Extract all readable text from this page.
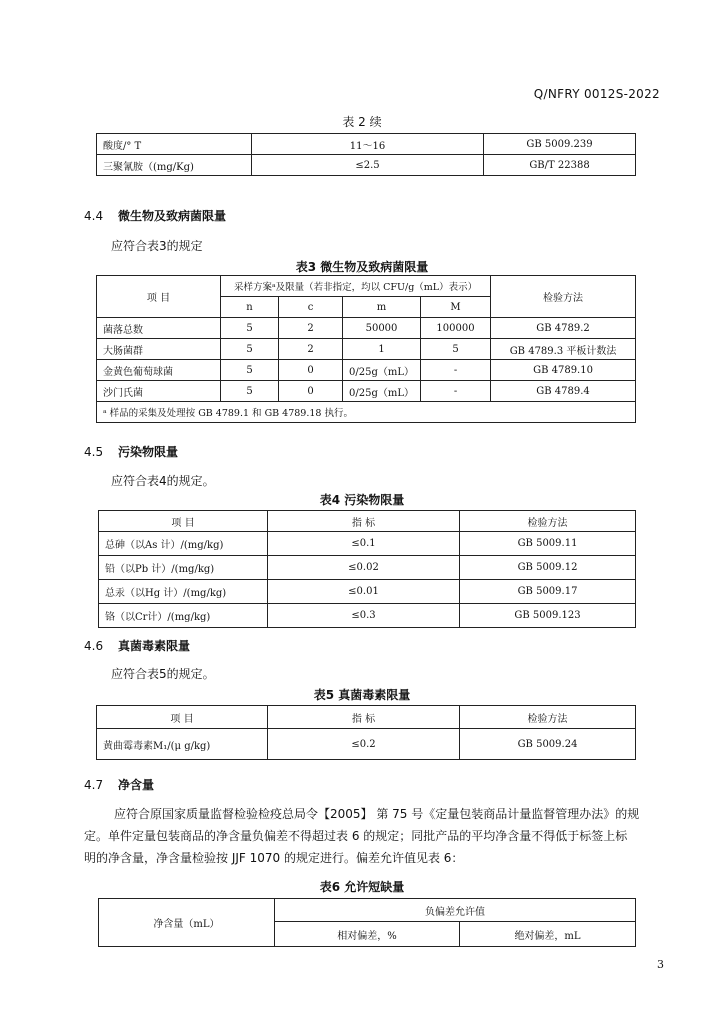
Q/NFRY 0012S-2022
表 2 续
酸度/° T	11～16	GB 5009.239
三聚氰胺（(mg/Kg)	≤2.5	GB/T 22388
4.4 微生物及致病菌限量
应符合表3的规定
表3 微生物及致病菌限量
项 目	采样方案ᵃ及限量（若非指定，均以 CFU/g（mL）表示）				检验方法
	n	c	m	M	
菌落总数	5	2	50000	100000	GB 4789.2
大肠菌群	5	2	1	5	GB 4789.3 平板计数法
金黄色葡萄球菌	5	0	0/25g（mL）	-	GB 4789.10
沙门氏菌	5	0	0/25g（mL）	-	GB 4789.4
ᵃ 样品的采集及处理按 GB 4789.1 和 GB 4789.18 执行。					
4.5 污染物限量
应符合表4的规定。
表4 污染物限量
项 目	指 标	检验方法
总砷（以As 计）/(mg/kg)	≤0.1	GB 5009.11
铅（以Pb 计）/(mg/kg)	≤0.02	GB 5009.12
总汞（以Hg 计）/(mg/kg)	≤0.01	GB 5009.17
铬（以Cr计）/(mg/kg)	≤0.3	GB 5009.123
4.6 真菌毒素限量
应符合表5的规定。
表5 真菌毒素限量
项 目	指 标	检验方法
黄曲霉毒素M₁/(μ g/kg)	≤0.2	GB 5009.24
4.7 净含量
应符合原国家质量监督检验检疫总局令【2005】 第 75 号《定量包装商品计量监督管理办法》的规
定。单件定量包装商品的净含量负偏差不得超过表 6 的规定；同批产品的平均净含量不得低于标签上标
明的净含量，净含量检验按 JJF 1070 的规定进行。偏差允许值见表 6：
表6 允许短缺量
净含量（mL）	负偏差允许值	
	相对偏差，%	绝对偏差，mL
3
